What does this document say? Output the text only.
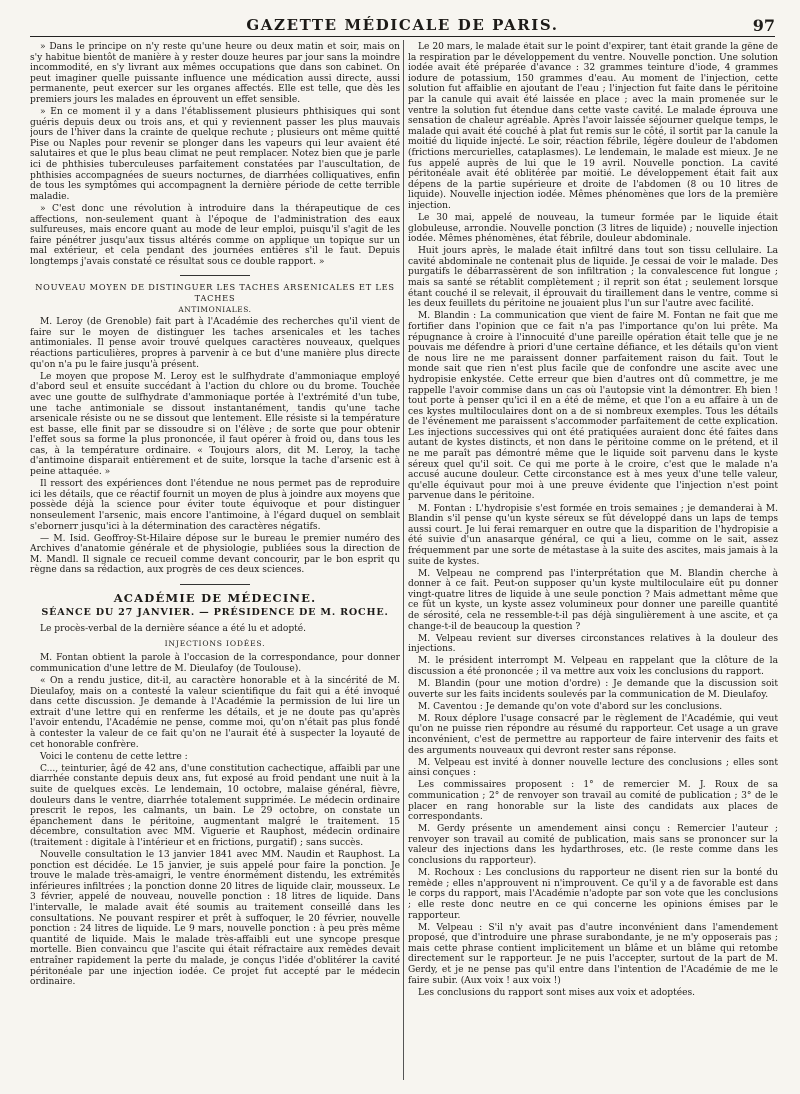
GAZETTE MÉDICALE DE PARIS.	97

» Dans le principe on n'y reste qu'une heure ou deux matin et soir, mais on s'y habitue bientôt de manière à y rester douze heures par jour sans la moindre incommodité, en s'y livrant aux mêmes occupations que dans son cabinet. On peut imaginer quelle puissante influence une médication aussi directe, aussi permanente, peut exercer sur les organes affectés. Elle est telle, que dès les premiers jours les malades en éprouvent un effet sensible.

» En ce moment il y a dans l'établissement plusieurs phthisiques qui sont guéris depuis deux ou trois ans, et qui y reviennent passer les plus mauvais jours de l'hiver dans la crainte de quelque rechute ; plusieurs ont même quitté Pise ou Naples pour revenir se plonger dans les vapeurs qui leur avaient été salutaires et que le plus beau climat ne peut remplacer. Notez bien que je parle ici de phthisies tuberculeuses parfaitement constatées par l'auscultation, de phthisies accompagnées de sueurs nocturnes, de diarrhées colliquatives, enfin de tous les symptômes qui accompagnent la dernière période de cette terrible maladie.

» C'est donc une révolution à introduire dans la thérapeutique de ces affections, non-seulement quant à l'époque de l'administration des eaux sulfureuses, mais encore quant au mode de leur emploi, puisqu'il s'agit de les faire pénétrer jusqu'aux tissus altérés comme on applique un topique sur un mal extérieur, et cela pendant des journées entières s'il le faut. Depuis longtemps j'avais constaté ce résultat sous ce double rapport. »

NOUVEAU MOYEN DE DISTINGUER LES TACHES ARSENICALES ET LES TACHES

ANTIMONIALES.

M. Leroy (de Grenoble) fait part à l'Académie des recherches qu'il vient de faire sur le moyen de distinguer les taches arsenicales et les taches antimoniales. Il pense avoir trouvé quelques caractères nouveaux, quelques réactions particulières, propres à parvenir à ce but d'une manière plus directe qu'on n'a pu le faire jusqu'à présent.

Le moyen que propose M. Leroy est le sulfhydrate d'ammoniaque employé d'abord seul et ensuite succédant à l'action du chlore ou du brome. Touchée avec une goutte de sulfhydrate d'ammoniaque portée à l'extrémité d'un tube, une tache antimoniale se dissout instantanément, tandis qu'une tache arsenicale résiste ou ne se dissout que lentement. Elle résiste si la température est basse, elle finit par se dissoudre si on l'élève ; de sorte que pour obtenir l'effet sous sa forme la plus prononcée, il faut opérer à froid ou, dans tous les cas, à la température ordinaire. « Toujours alors, dit M. Leroy, la tache d'antimoine disparait entièrement et de suite, lorsque la tache d'arsenic est à peine attaquée. »

Il ressort des expériences dont l'étendue ne nous permet pas de reproduire ici les détails, que ce réactif fournit un moyen de plus à joindre aux moyens que possède déjà la science pour éviter toute équivoque et pour distinguer nonseulement l'arsenic, mais encore l'antimoine, à l'égard duquel on semblait s'ebornerr jusqu'ici à la détermination des caractères négatifs.

— M. Isid. Geoffroy-St-Hilaire dépose sur le bureau le premier numéro des Archives d'anatomie générale et de physiologie, publiées sous la direction de M. Mandl. Il signale ce recueil comme devant concourir, par le bon esprit qu règne dans sa rédaction, aux progrès de ces deux sciences.

ACADÉMIE DE MÉDECINE.
SÉANCE DU 27 JANVIER. — PRÉSIDENCE DE M. ROCHE.

Le procès-verbal de la dernière séance a été lu et adopté.

INJECTIONS IODÉES.

M. Fontan obtient la parole à l'occasion de la correspondance, pour donner communication d'une lettre de M. Dieulafoy (de Toulouse).

« On a rendu justice, dit-il, au caractère honorable et à la sincérité de M. Dieulafoy, mais on a contesté la valeur scientifique du fait qui a été invoqué dans cette discussion. Je demande à l'Académie la permission de lui lire un extrait d'une lettre qui en renferme les détails, et je ne doute pas qu'après l'avoir entendu, l'Académie ne pense, comme moi, qu'on n'était pas plus fondé à contester la valeur de ce fait qu'on ne l'aurait été à suspecter la loyauté de cet honorable confrère.

Voici le contenu de cette lettre :

C..., teinturier, âgé de 42 ans, d'une constitution cachectique, affaibli par une diarrhée constante depuis deux ans, fut exposé au froid pendant une nuit à la suite de quelques excès. Le lendemain, 10 octobre, malaise général, fièvre, douleurs dans le ventre, diarrhée totalement supprimée. Le médecin ordinaire prescrit le repos, les calmants, un bain. Le 29 octobre, on constate un épanchement dans le péritoine, augmentant malgré le traitement. 15 décembre, consultation avec MM. Viguerie et Rauphost, médecin ordinaire (traitement : digitale à l'intérieur et en frictions, purgatif) ; sans succès.

Nouvelle consultation le 13 janvier 1841 avec MM. Naudin et Rauphost. La ponction est décidée. Le 15 janvier, je suis appelé pour faire la ponction. Je trouve le malade très-amaigri, le ventre énormément distendu, les extrémités inférieures infiltrées ; la ponction donne 20 litres de liquide clair, mousseux. Le 3 février, appelé de nouveau, nouvelle ponction : 18 litres de liquide. Dans l'intervalle, le malade avait été soumis au traitement conseillé dans les consultations. Ne pouvant respirer et prêt à suffoquer, le 20 février, nouvelle ponction : 24 litres de liquide. Le 9 mars, nouvelle ponction : à peu près même quantité de liquide. Mais le malade très-affaibli eut une syncope presque mortelle. Bien convaincu que l'ascite qui était réfractaire aux remèdes devait entraîner rapidement la perte du malade, je conçus l'idée d'oblitérer la cavité péritonéale par une injection iodée. Ce projet fut accepté par le médecin ordinaire.

Le 20 mars, le malade était sur le point d'expirer, tant était grande la gêne de la respiration par le développement du ventre. Nouvelle ponction. Une solution iodée avait été préparée d'avance : 32 grammes teinture d'iode, 4 grammes iodure de potassium, 150 grammes d'eau. Au moment de l'injection, cette solution fut affaiblie en ajoutant de l'eau ; l'injection fut faite dans le péritoine par la canule qui avait été laissée en place ; avec la main promenée sur le ventre la solution fut étendue dans cette vaste cavité. Le malade éprouva une sensation de chaleur agréable. Après l'avoir laissée séjourner quelque temps, le malade qui avait été couché à plat fut remis sur le côté, il sortit par la canule la moitié du liquide injecté. Le soir, réaction fébrile, légère douleur de l'abdomen (frictions mercurielles, cataplasmes). Le lendemain, le malade est mieux. Je ne fus appelé auprès de lui que le 19 avril. Nouvelle ponction. La cavité péritonéale avait été oblitérée par moitié. Le développement était fait aux dépens de la partie supérieure et droite de l'abdomen (8 ou 10 litres de liquide). Nouvelle injection iodée. Mêmes phénomènes que lors de la première injection.

Le 30 mai, appelé de nouveau, la tumeur formée par le liquide était globuleuse, arrondie. Nouvelle ponction (3 litres de liquide) ; nouvelle injection iodée. Mêmes phénomènes, état fébrile, douleur abdominale.

Huit jours après, le malade était infiltré dans tout son tissu cellulaire. La cavité abdominale ne contenait plus de liquide. Je cessai de voir le malade. Des purgatifs le débarrassèrent de son infiltration ; la convalescence fut longue ; mais sa santé se rétablit complètement ; il reprit son état ; seulement lorsque étant couché il se relevait, il éprouvait du tiraillement dans le ventre, comme si les deux feuillets du péritoine ne jouaient plus l'un sur l'autre avec facilité.

M. Blandin : La communication que vient de faire M. Fontan ne fait que me fortifier dans l'opinion que ce fait n'a pas l'importance qu'on lui prête. Ma répugnance à croire à l'innocuité d'une pareille opération était telle que je ne pouvais me défendre à priori d'une certaine défiance, et les détails qu'on vient de nous lire ne me paraissent donner parfaitement raison du fait. Tout le monde sait que rien n'est plus facile que de confondre une ascite avec une hydropisie enkystée. Cette erreur que bien d'autres ont dû commettre, je me rappelle l'avoir commise dans un cas où l'autopsie vint la démontrer. Eh bien ! tout porte à penser qu'ici il en a été de même, et que l'on a eu affaire à un de ces kystes multiloculaires dont on a de si nombreux exemples. Tous les détails de l'événement me paraissent s'accommoder parfaitement de cette explication. Les injections successives qui ont été pratiquées auraient donc été faites dans autant de kystes distincts, et non dans le péritoine comme on le prétend, et il ne me paraît pas démontré même que le liquide soit parvenu dans le kyste séreux quel qu'il soit. Ce qui me porte à le croire, c'est que le malade n'a accusé aucune douleur. Cette circonstance est à mes yeux d'une telle valeur, qu'elle équivaut pour moi à une preuve évidente que l'injection n'est point parvenue dans le péritoine.

M. Fontan : L'hydropisie s'est formée en trois semaines ; je demanderai à M. Blandin s'il pense qu'un kyste séreux se fût développé dans un laps de temps aussi court. Je lui ferai remarquer en outre que la disparition de l'hydropisie a été suivie d'un anasarque général, ce qui a lieu, comme on le sait, assez fréquemment par une sorte de métastase à la suite des ascites, mais jamais à la suite de kystes.

M. Velpeau ne comprend pas l'interprétation que M. Blandin cherche à donner à ce fait. Peut-on supposer qu'un kyste multiloculaire eût pu donner vingt-quatre litres de liquide à une seule ponction ? Mais admettant même que ce fût un kyste, un kyste assez volumineux pour donner une pareille quantité de sérosité, cela ne ressemble-t-il pas déjà singulièrement à une ascite, et ça change-t-il de beaucoup la question ?

M. Velpeau revient sur diverses circonstances relatives à la douleur des injections.

M. le président interrompt M. Velpeau en rappelant que la clôture de la discussion a été prononcée ; il va mettre aux voix les conclusions du rapport.

M. Blandin (pour une motion d'ordre) : Je demande que la discussion soit ouverte sur les faits incidents soulevés par la communication de M. Dieulafoy.

M. Caventou : Je demande qu'on vote d'abord sur les conclusions.

M. Roux déplore l'usage consacré par le règlement de l'Académie, qui veut qu'on ne puisse rien répondre au résumé du rapporteur. Cet usage a un grave inconvénient, c'est de permettre au rapporteur de faire intervenir des faits et des arguments nouveaux qui devront rester sans réponse.

M. Velpeau est invité à donner nouvelle lecture des conclusions ; elles sont ainsi conçues :

Les commissaires proposent : 1° de remercier M. J. Roux de sa communication ; 2° de renvoyer son travail au comité de publication ; 3° de le placer en rang honorable sur la liste des candidats aux places de correspondants.

M. Gerdy présente un amendement ainsi conçu : Remercier l'auteur ; renvoyer son travail au comité de publication, mais sans se prononcer sur la valeur des injections dans les hydarthroses, etc. (le reste comme dans les conclusions du rapporteur).

M. Rochoux : Les conclusions du rapporteur ne disent rien sur la bonté du remède ; elles n'approuvent ni n'improuvent. Ce qu'il y a de favorable est dans le corps du rapport, mais l'Académie n'adopte par son vote que les conclusions ; elle reste donc neutre en ce qui concerne les opinions émises par le rapporteur.

M. Velpeau : S'il n'y avait pas d'autre inconvénient dans l'amendement proposé, que d'introduire une phrase surabondante, je ne m'y opposerais pas ; mais cette phrase contient implicitement un blâme et un blâme qui retombe directement sur le rapporteur. Je ne puis l'accepter, surtout de la part de M. Gerdy, et je ne pense pas qu'il entre dans l'intention de l'Académie de me le faire subir. (Aux voix ! aux voix !)

Les conclusions du rapport sont mises aux voix et adoptées.
